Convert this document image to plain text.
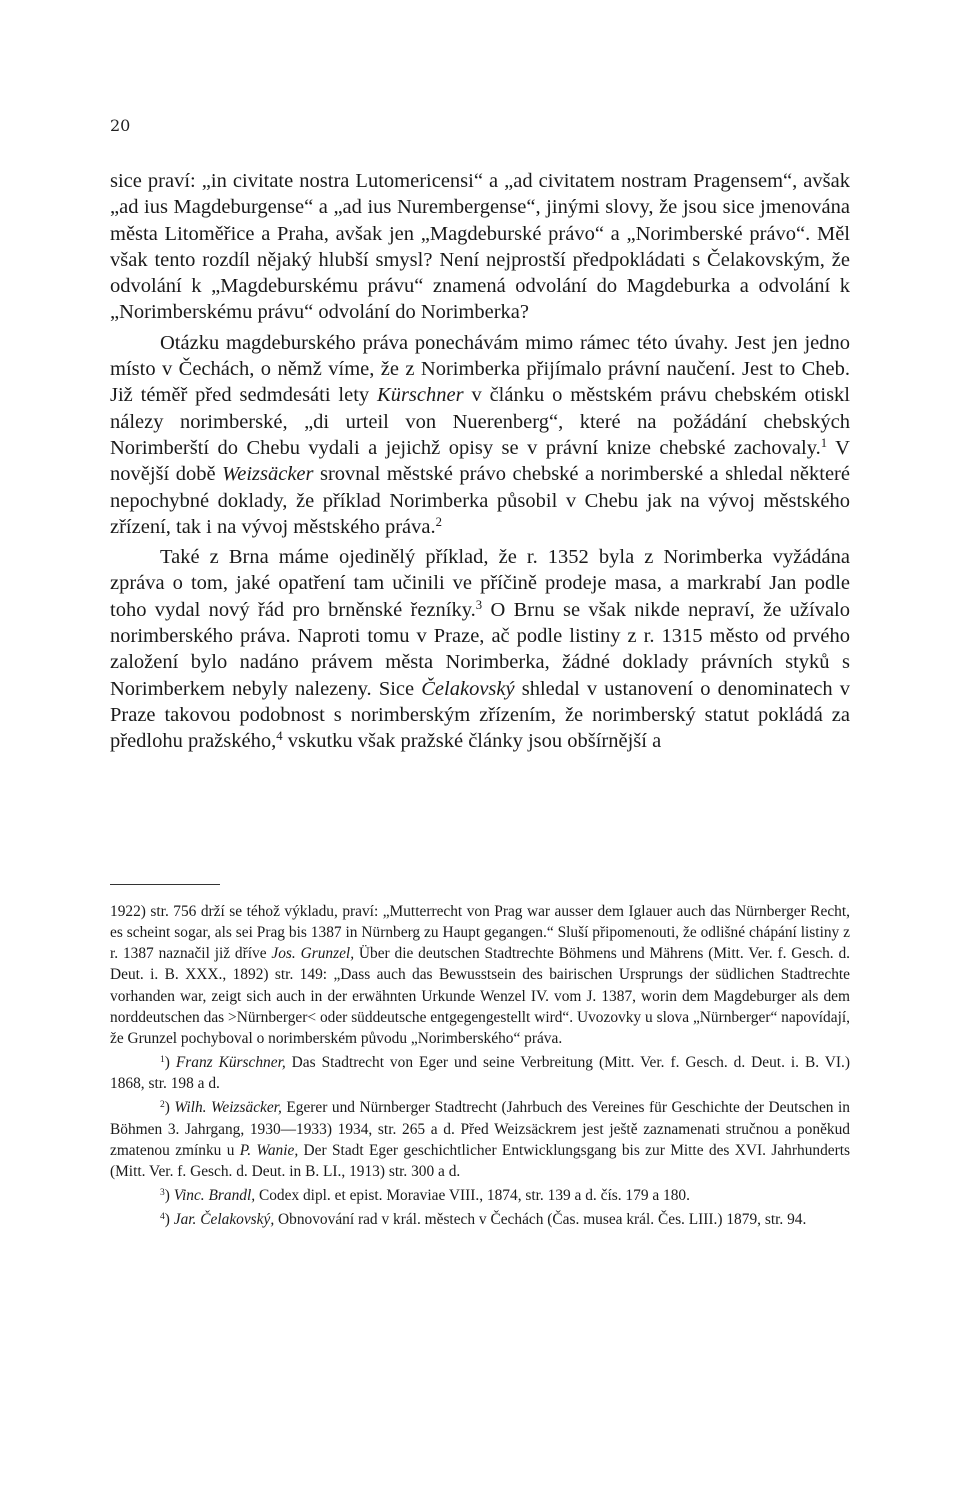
20

sice praví: „in civitate nostra Lutomericensi“ a „ad civitatem nostram Pragensem“, avšak „ad ius Magdeburgense“ a „ad ius Nurembergense“, jinými slovy, že jsou sice jmenována města Litoměřice a Praha, avšak jen „Magdeburské právo“ a „Norimberské právo“. Měl však tento rozdíl nějaký hlubší smysl? Není nejprostší předpokládati s Čelakovským, že odvolání k „Magdeburskému právu“ znamená odvolání do Magdeburka a odvolání k „Norimberskému právu“ odvolání do Norimberka?

Otázku magdeburského práva ponechávám mimo rámec této úvahy. Jest jen jedno místo v Čechách, o němž víme, že z Norimberka přijímalo právní naučení. Jest to Cheb. Již téměř před sedmdesáti lety Kürschner v článku o městském právu chebském otiskl nálezy norimberské, „di urteil von Nuerenberg“, které na požádání chebských Norimberští do Chebu vydali a jejichž opisy se v právní knize chebské zachovaly.$^1$ V novější době Weizsäcker srovnal městské právo chebské a norimberské a shledal některé nepochybné doklady, že příklad Norimberka působil v Chebu jak na vývoj městského zřízení, tak i na vývoj městského práva.$^2$

Také z Brna máme ojedinělý příklad, že r. 1352 byla z Norimberka vyžádána zpráva o tom, jaké opatření tam učinili ve příčině prodeje masa, a markrabí Jan podle toho vydal nový řád pro brněnské řezníky.$^3$ O Brnu se však nikde nepraví, že užívalo norimberského práva. Naproti tomu v Praze, ač podle listiny z r. 1315 město od prvého založení bylo nadáno právem města Norimberka, žádné doklady právních styků s Norimberkem nebyly nalezeny. Sice Čelakovský shledal v ustanovení o denominatech v Praze takovou podobnost s norimberským zřízením, že norimberský statut pokládá za předlohu pražského,$^4$ vskutku však pražské články jsou obšírnější a

1922) str. 756 drží se téhož výkladu, praví: „Mutterrecht von Prag war ausser dem Iglauer auch das Nürnberger Recht, es scheint sogar, als sei Prag bis 1387 in Nürnberg zu Haupt gegangen.“ Sluší připomenouti, že odlišné chápání listiny z r. 1387 naznačil již dříve Jos. Grunzel, Über die deutschen Stadtrechte Böhmens und Mährens (Mitt. Ver. f. Gesch. d. Deut. i. B. XXX., 1892) str. 149: „Dass auch das Bewusstsein des bairischen Ursprungs der südlichen Stadtrechte vorhanden war, zeigt sich auch in der erwähnten Urkunde Wenzel IV. vom J. 1387, worin dem Magdeburger als dem norddeutschen das >Nürnberger< oder süddeutsche entgegengestellt wird“. Uvozovky u slova „Nürnberger“ napovídají, že Grunzel pochyboval o norimberském původu „Norimberského“ práva.

$^1$) Franz Kürschner, Das Stadtrecht von Eger und seine Verbreitung (Mitt. Ver. f. Gesch. d. Deut. i. B. VI.) 1868, str. 198 a d.

$^2$) Wilh. Weizsäcker, Egerer und Nürnberger Stadtrecht (Jahrbuch des Vereines für Geschichte der Deutschen in Böhmen 3. Jahrgang, 1930—1933) 1934, str. 265 a d. Před Weizsäckrem jest ještě zaznamenati stručnou a poněkud zmatenou zmínku u P. Wanie, Der Stadt Eger geschichtlicher Entwicklungsgang bis zur Mitte des XVI. Jahrhunderts (Mitt. Ver. f. Gesch. d. Deut. in B. LI., 1913) str. 300 a d.

$^3$) Vinc. Brandl, Codex dipl. et epist. Moraviae VIII., 1874, str. 139 a d. čís. 179 a 180.

$^4$) Jar. Čelakovský, Obnovování rad v král. městech v Čechách (Čas. musea král. Čes. LIII.) 1879, str. 94.
